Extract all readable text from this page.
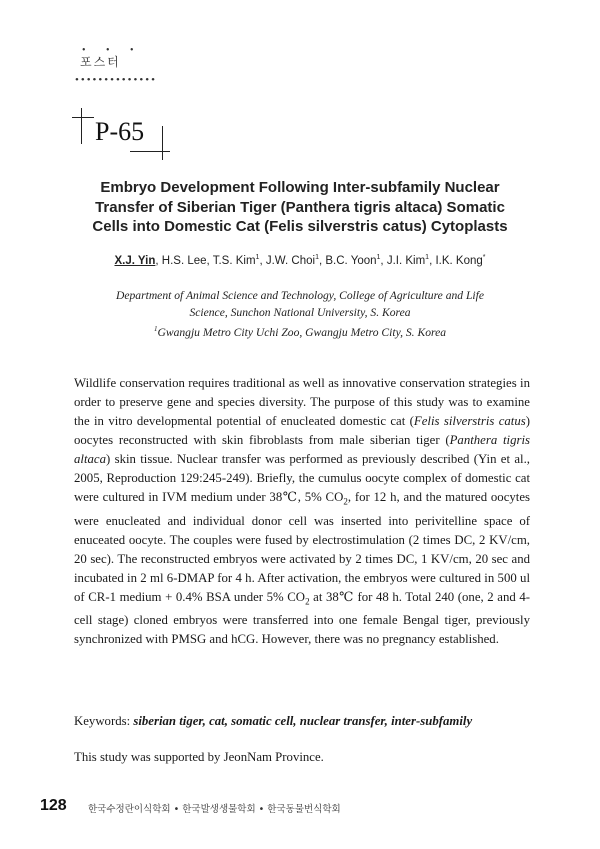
• • •
포스터
••••••••••••••
P-65
Embryo Development Following Inter-subfamily Nuclear
Transfer of Siberian Tiger (Panthera tigris altaca) Somatic
Cells into Domestic Cat (Felis silverstris catus) Cytoplasts
X.J. Yin, H.S. Lee, T.S. Kim$^1$, J.W. Choi$^1$, B.C. Yoon$^1$, J.I. Kim$^1$, I.K. Kong*
Department of Animal Science and Technology, College of Agriculture and Life
Science, Sunchon National University, S. Korea
$^1$Gwangju Metro City Uchi Zoo, Gwangju Metro City, S. Korea
Wildlife conservation requires traditional as well as innovative conservation strategies in order to preserve gene and species diversity. The purpose of this study was to examine the in vitro developmental potential of enucleated domestic cat (Felis silverstris catus) oocytes reconstructed with skin fibroblasts from male siberian tiger (Panthera tigris altaca) skin tissue. Nuclear transfer was performed as previously described (Yin et al., 2005, Reproduction 129:245-249). Briefly, the cumulus oocyte complex of domestic cat were cultured in IVM medium under 38℃, 5% $CO_2$, for 12 h, and the matured oocytes were enucleated and individual donor cell was inserted into perivitelline space of enuceated oocyte. The couples were fused by electrostimulation (2 times DC, 2 KV/cm, 20 sec). The reconstructed embryos were activated by 2 times DC, 1 KV/cm, 20 sec and incubated in 2 ml 6-DMAP for 4 h. After activation, the embryos were cultured in 500 ul of CR-1 medium + 0.4% BSA under 5% $CO_2$ at 38℃ for 48 h. Total 240 (one, 2 and 4-cell stage) cloned embryos were transferred into one female Bengal tiger, previously synchronized with PMSG and hCG. However, there was no pregnancy established.
Keywords: siberian tiger, cat, somatic cell, nuclear transfer, inter-subfamily
This study was supported by JeonNam Province.
128 한국수정란이식학회 • 한국발생생물학회 • 한국동물번식학회
